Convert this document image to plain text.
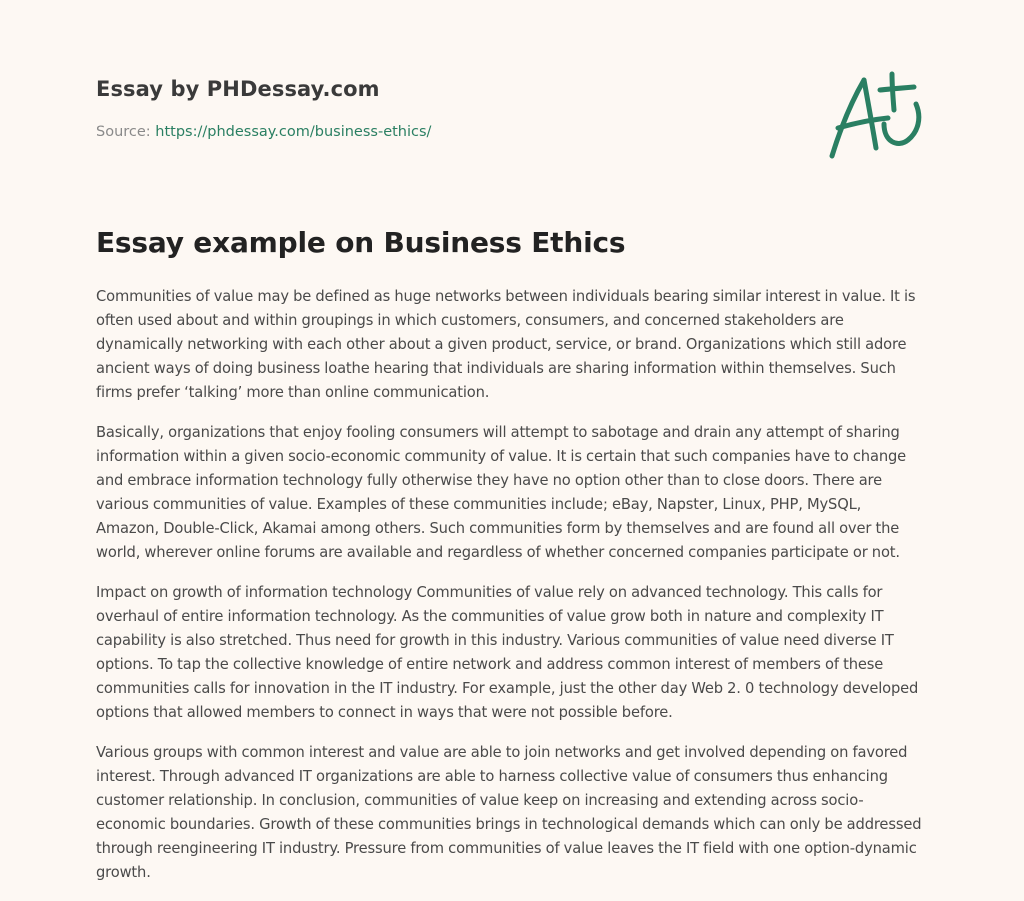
Essay by PHDessay.com
Source: https://phdessay.com/business-ethics/
Essay example on Business Ethics

Communities of value may be defined as huge networks between individuals bearing similar interest in value. It is often used about and within groupings in which customers, consumers, and concerned stakeholders are dynamically networking with each other about a given product, service, or brand. Organizations which still adore ancient ways of doing business loathe hearing that individuals are sharing information within themselves. Such firms prefer ‘talking’ more than online communication.

Basically, organizations that enjoy fooling consumers will attempt to sabotage and drain any attempt of sharing information within a given socio-economic community of value. It is certain that such companies have to change and embrace information technology fully otherwise they have no option other than to close doors. There are various communities of value. Examples of these communities include; eBay, Napster, Linux, PHP, MySQL, Amazon, Double-Click, Akamai among others. Such communities form by themselves and are found all over the world, wherever online forums are available and regardless of whether concerned companies participate or not.

Impact on growth of information technology Communities of value rely on advanced technology. This calls for overhaul of entire information technology. As the communities of value grow both in nature and complexity IT capability is also stretched. Thus need for growth in this industry. Various communities of value need diverse IT options. To tap the collective knowledge of entire network and address common interest of members of these communities calls for innovation in the IT industry. For example, just the other day Web 2. 0 technology developed options that allowed members to connect in ways that were not possible before.

Various groups with common interest and value are able to join networks and get involved depending on favored interest. Through advanced IT organizations are able to harness collective value of consumers thus enhancing customer relationship. In conclusion, communities of value keep on increasing and extending across socio-economic boundaries. Growth of these communities brings in technological demands which can only be addressed through reengineering IT industry. Pressure from communities of value leaves the IT field with one option-dynamic growth.
